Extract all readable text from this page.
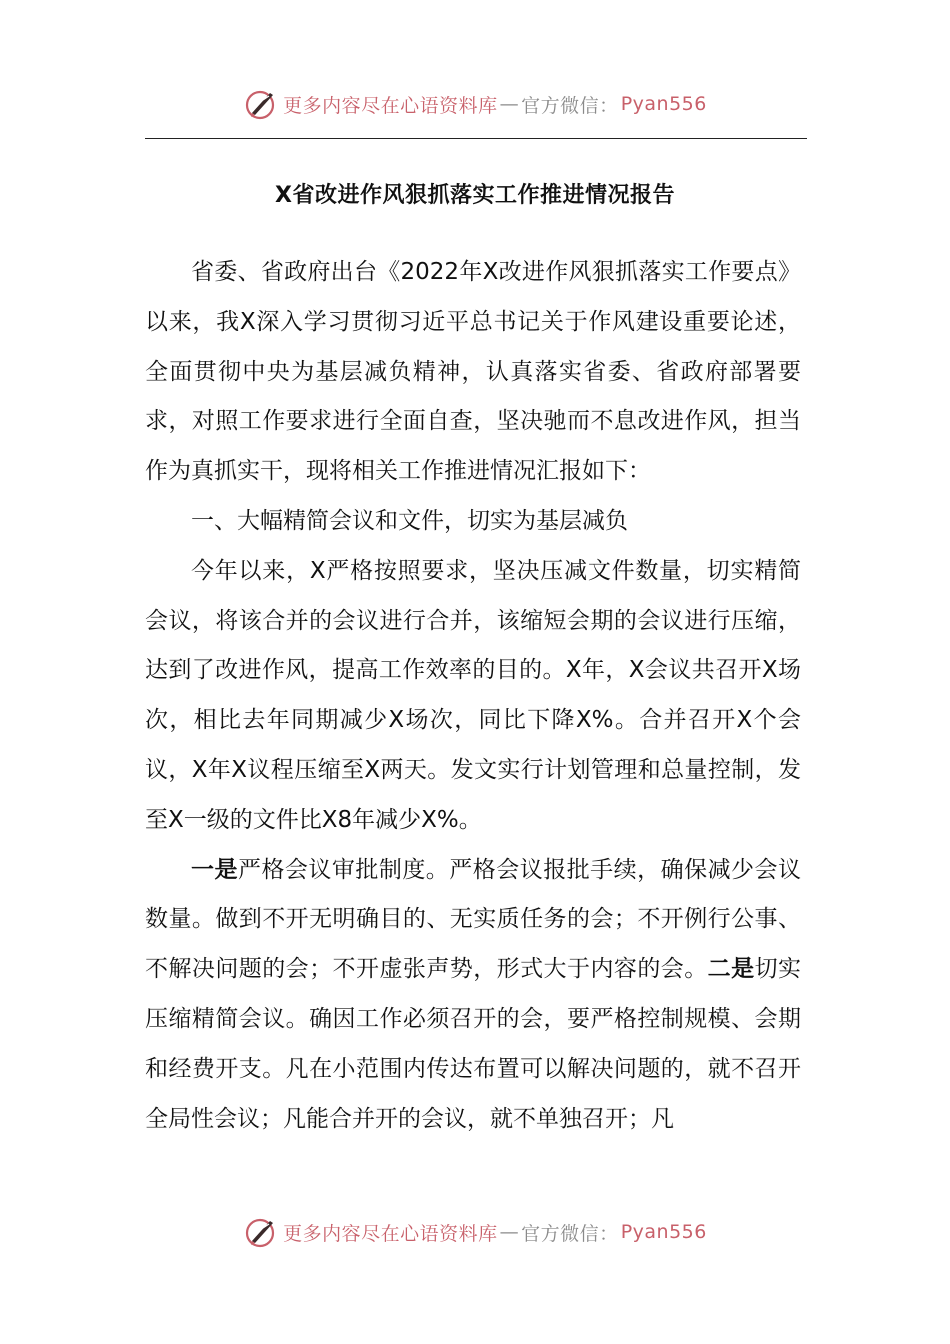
更多内容尽在心语资料库 — 官方微信： Pyan556
X省改进作风狠抓落实工作推进情况报告

省委、省政府出台《2022年X改进作风狠抓落实工作要点》以来，我X深入学习贯彻习近平总书记关于作风建设重要论述，全面贯彻中央为基层减负精神，认真落实省委、省政府部署要求，对照工作要求进行全面自查，坚决驰而不息改进作风，担当作为真抓实干，现将相关工作推进情况汇报如下：

一、大幅精简会议和文件，切实为基层减负

今年以来，X严格按照要求，坚决压减文件数量，切实精简会议，将该合并的会议进行合并，该缩短会期的会议进行压缩，达到了改进作风，提高工作效率的目的。X年，X会议共召开X场次，相比去年同期减少X场次，同比下降X%。合并召开X个会议，X年X议程压缩至X两天。发文实行计划管理和总量控制，发至X一级的文件比X8年减少X%。

一是严格会议审批制度。严格会议报批手续，确保减少会议数量。做到不开无明确目的、无实质任务的会；不开例行公事、不解决问题的会；不开虚张声势，形式大于内容的会。二是切实压缩精简会议。确因工作必须召开的会，要严格控制规模、会期和经费开支。凡在小范围内传达布置可以解决问题的，就不召开全局性会议；凡能合并开的会议，就不单独召开；凡

更多内容尽在心语资料库 — 官方微信： Pyan556
